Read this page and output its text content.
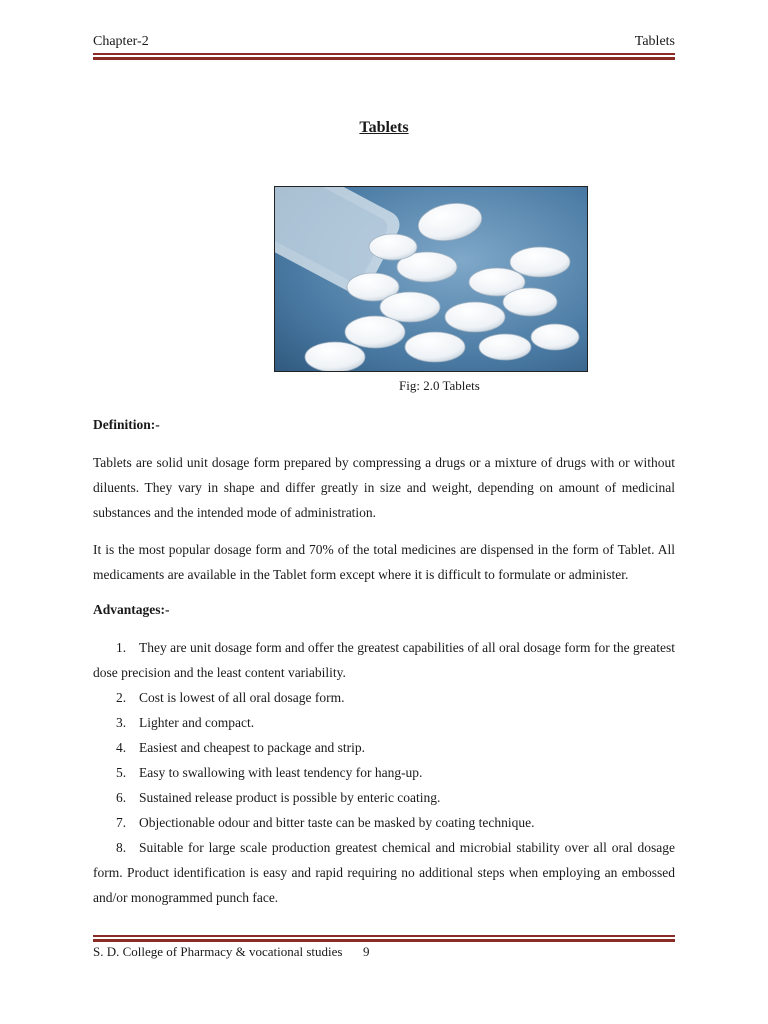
Chapter-2	Tablets
Tablets
Fig: 2.0 Tablets

Definition:-

Tablets are solid unit dosage form prepared by compressing a drugs or a mixture of drugs with or without diluents. They vary in shape and differ greatly in size and weight, depending on amount of medicinal substances and the intended mode of administration.

It is the most popular dosage form and 70% of the total medicines are dispensed in the form of Tablet. All medicaments are available in the Tablet form except where it is difficult to formulate or administer.

Advantages:-

1. They are unit dosage form and offer the greatest capabilities of all oral dosage form for the greatest dose precision and the least content variability.
2. Cost is lowest of all oral dosage form.
3. Lighter and compact.
4. Easiest and cheapest to package and strip.
5. Easy to swallowing with least tendency for hang-up.
6. Sustained release product is possible by enteric coating.
7. Objectionable odour and bitter taste can be masked by coating technique.
8. Suitable for large scale production greatest chemical and microbial stability over all oral dosage form. Product identification is easy and rapid requiring no additional steps when employing an embossed and/or monogrammed punch face.
S. D. College of Pharmacy & vocational studies 9
